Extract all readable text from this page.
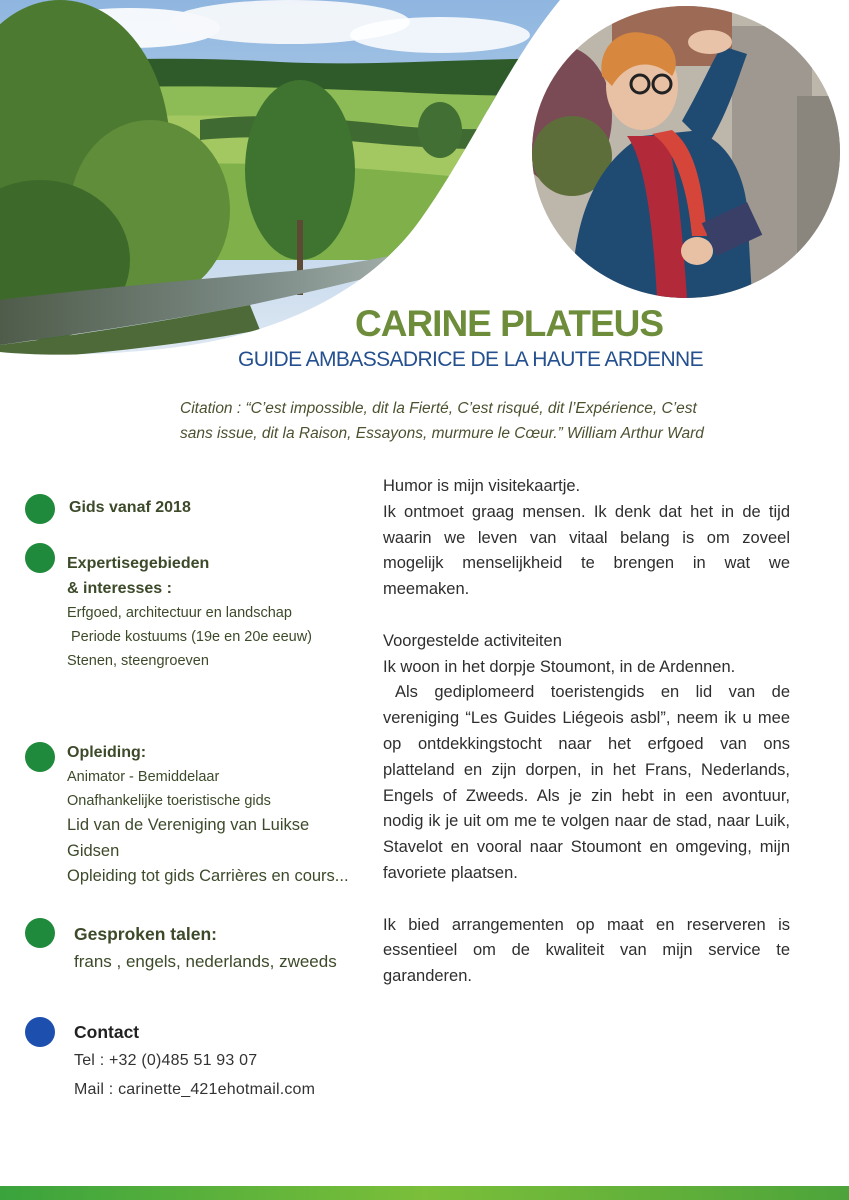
CARINE PLATEUS
GUIDE AMBASSADRICE DE LA HAUTE ARDENNE
Citation : “C’est impossible, dit la Fierté, C’est risqué, dit l’Expérience, C’est
sans issue, dit la Raison, Essayons, murmure le Cœur.” William Arthur Ward
Gids vanaf 2018
Expertisegebieden
& interesses :
Erfgoed, architectuur en landschap
Periode kostuums (19e en 20e eeuw)
Stenen, steengroeven
Opleiding:
Animator - Bemiddelaar
Onafhankelijke toeristische gids
Lid van de Vereniging van Luikse
Gidsen
Opleiding tot gids Carrières en cours...
Gesproken talen:
frans , engels, nederlands, zweeds
Contact
Tel : +32 (0)485 51 93 07
Mail : carinette_421ehotmail.com

Humor is mijn visitekaartje.

Ik ontmoet graag mensen. Ik denk dat het in de tijd waarin we leven van vitaal belang is om zoveel mogelijk menselijkheid te brengen in wat we meemaken.

Voorgestelde activiteiten

Ik woon in het dorpje Stoumont, in de Ardennen.

Als gediplomeerd toeristengids en lid van de vereniging “Les Guides Liégeois asbl”, neem ik u mee op ontdekkingstocht naar het erfgoed van ons platteland en zijn dorpen, in het Frans, Nederlands, Engels of Zweeds. Als je zin hebt in een avontuur, nodig ik je uit om me te volgen naar de stad, naar Luik, Stavelot en vooral naar Stoumont en omgeving, mijn favoriete plaatsen.

Ik bied arrangementen op maat en reserveren is essentieel om de kwaliteit van mijn service te garanderen.
